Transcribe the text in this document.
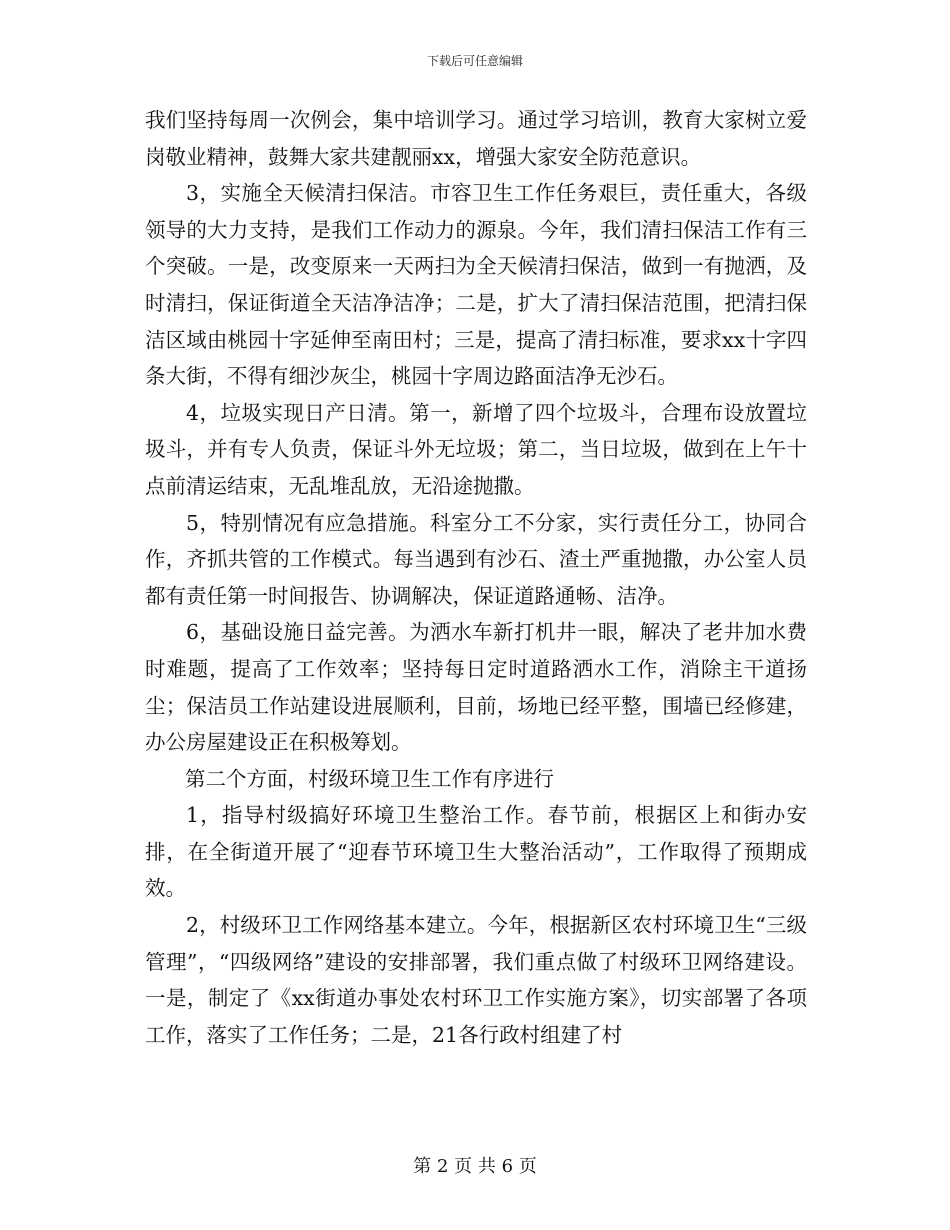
下载后可任意编辑

我们坚持每周一次例会，集中培训学习。通过学习培训，教育大家树立爱岗敬业精神，鼓舞大家共建靓丽xx，增强大家安全防范意识。

3，实施全天候清扫保洁。市容卫生工作任务艰巨，责任重大，各级领导的大力支持，是我们工作动力的源泉。今年，我们清扫保洁工作有三个突破。一是，改变原来一天两扫为全天候清扫保洁，做到一有抛洒，及时清扫，保证街道全天洁净洁净；二是，扩大了清扫保洁范围，把清扫保洁区域由桃园十字延伸至南田村；三是，提高了清扫标准，要求xx十字四条大街，不得有细沙灰尘，桃园十字周边路面洁净无沙石。

4，垃圾实现日产日清。第一，新增了四个垃圾斗，合理布设放置垃圾斗，并有专人负责，保证斗外无垃圾；第二，当日垃圾，做到在上午十点前清运结束，无乱堆乱放，无沿途抛撒。

5，特别情况有应急措施。科室分工不分家，实行责任分工，协同合作，齐抓共管的工作模式。每当遇到有沙石、渣土严重抛撒，办公室人员都有责任第一时间报告、协调解决，保证道路通畅、洁净。

6，基础设施日益完善。为洒水车新打机井一眼，解决了老井加水费时难题，提高了工作效率；坚持每日定时道路洒水工作，消除主干道扬尘；保洁员工作站建设进展顺利，目前，场地已经平整，围墙已经修建，办公房屋建设正在积极筹划。

第二个方面，村级环境卫生工作有序进行

1，指导村级搞好环境卫生整治工作。春节前，根据区上和街办安排，在全街道开展了“迎春节环境卫生大整治活动”，工作取得了预期成效。

2，村级环卫工作网络基本建立。今年，根据新区农村环境卫生“三级管理”，“四级网络”建设的安排部署，我们重点做了村级环卫网络建设。一是，制定了《xx街道办事处农村环卫工作实施方案》，切实部署了各项工作，落实了工作任务；二是，21各行政村组建了村

第 2 页 共 6 页
